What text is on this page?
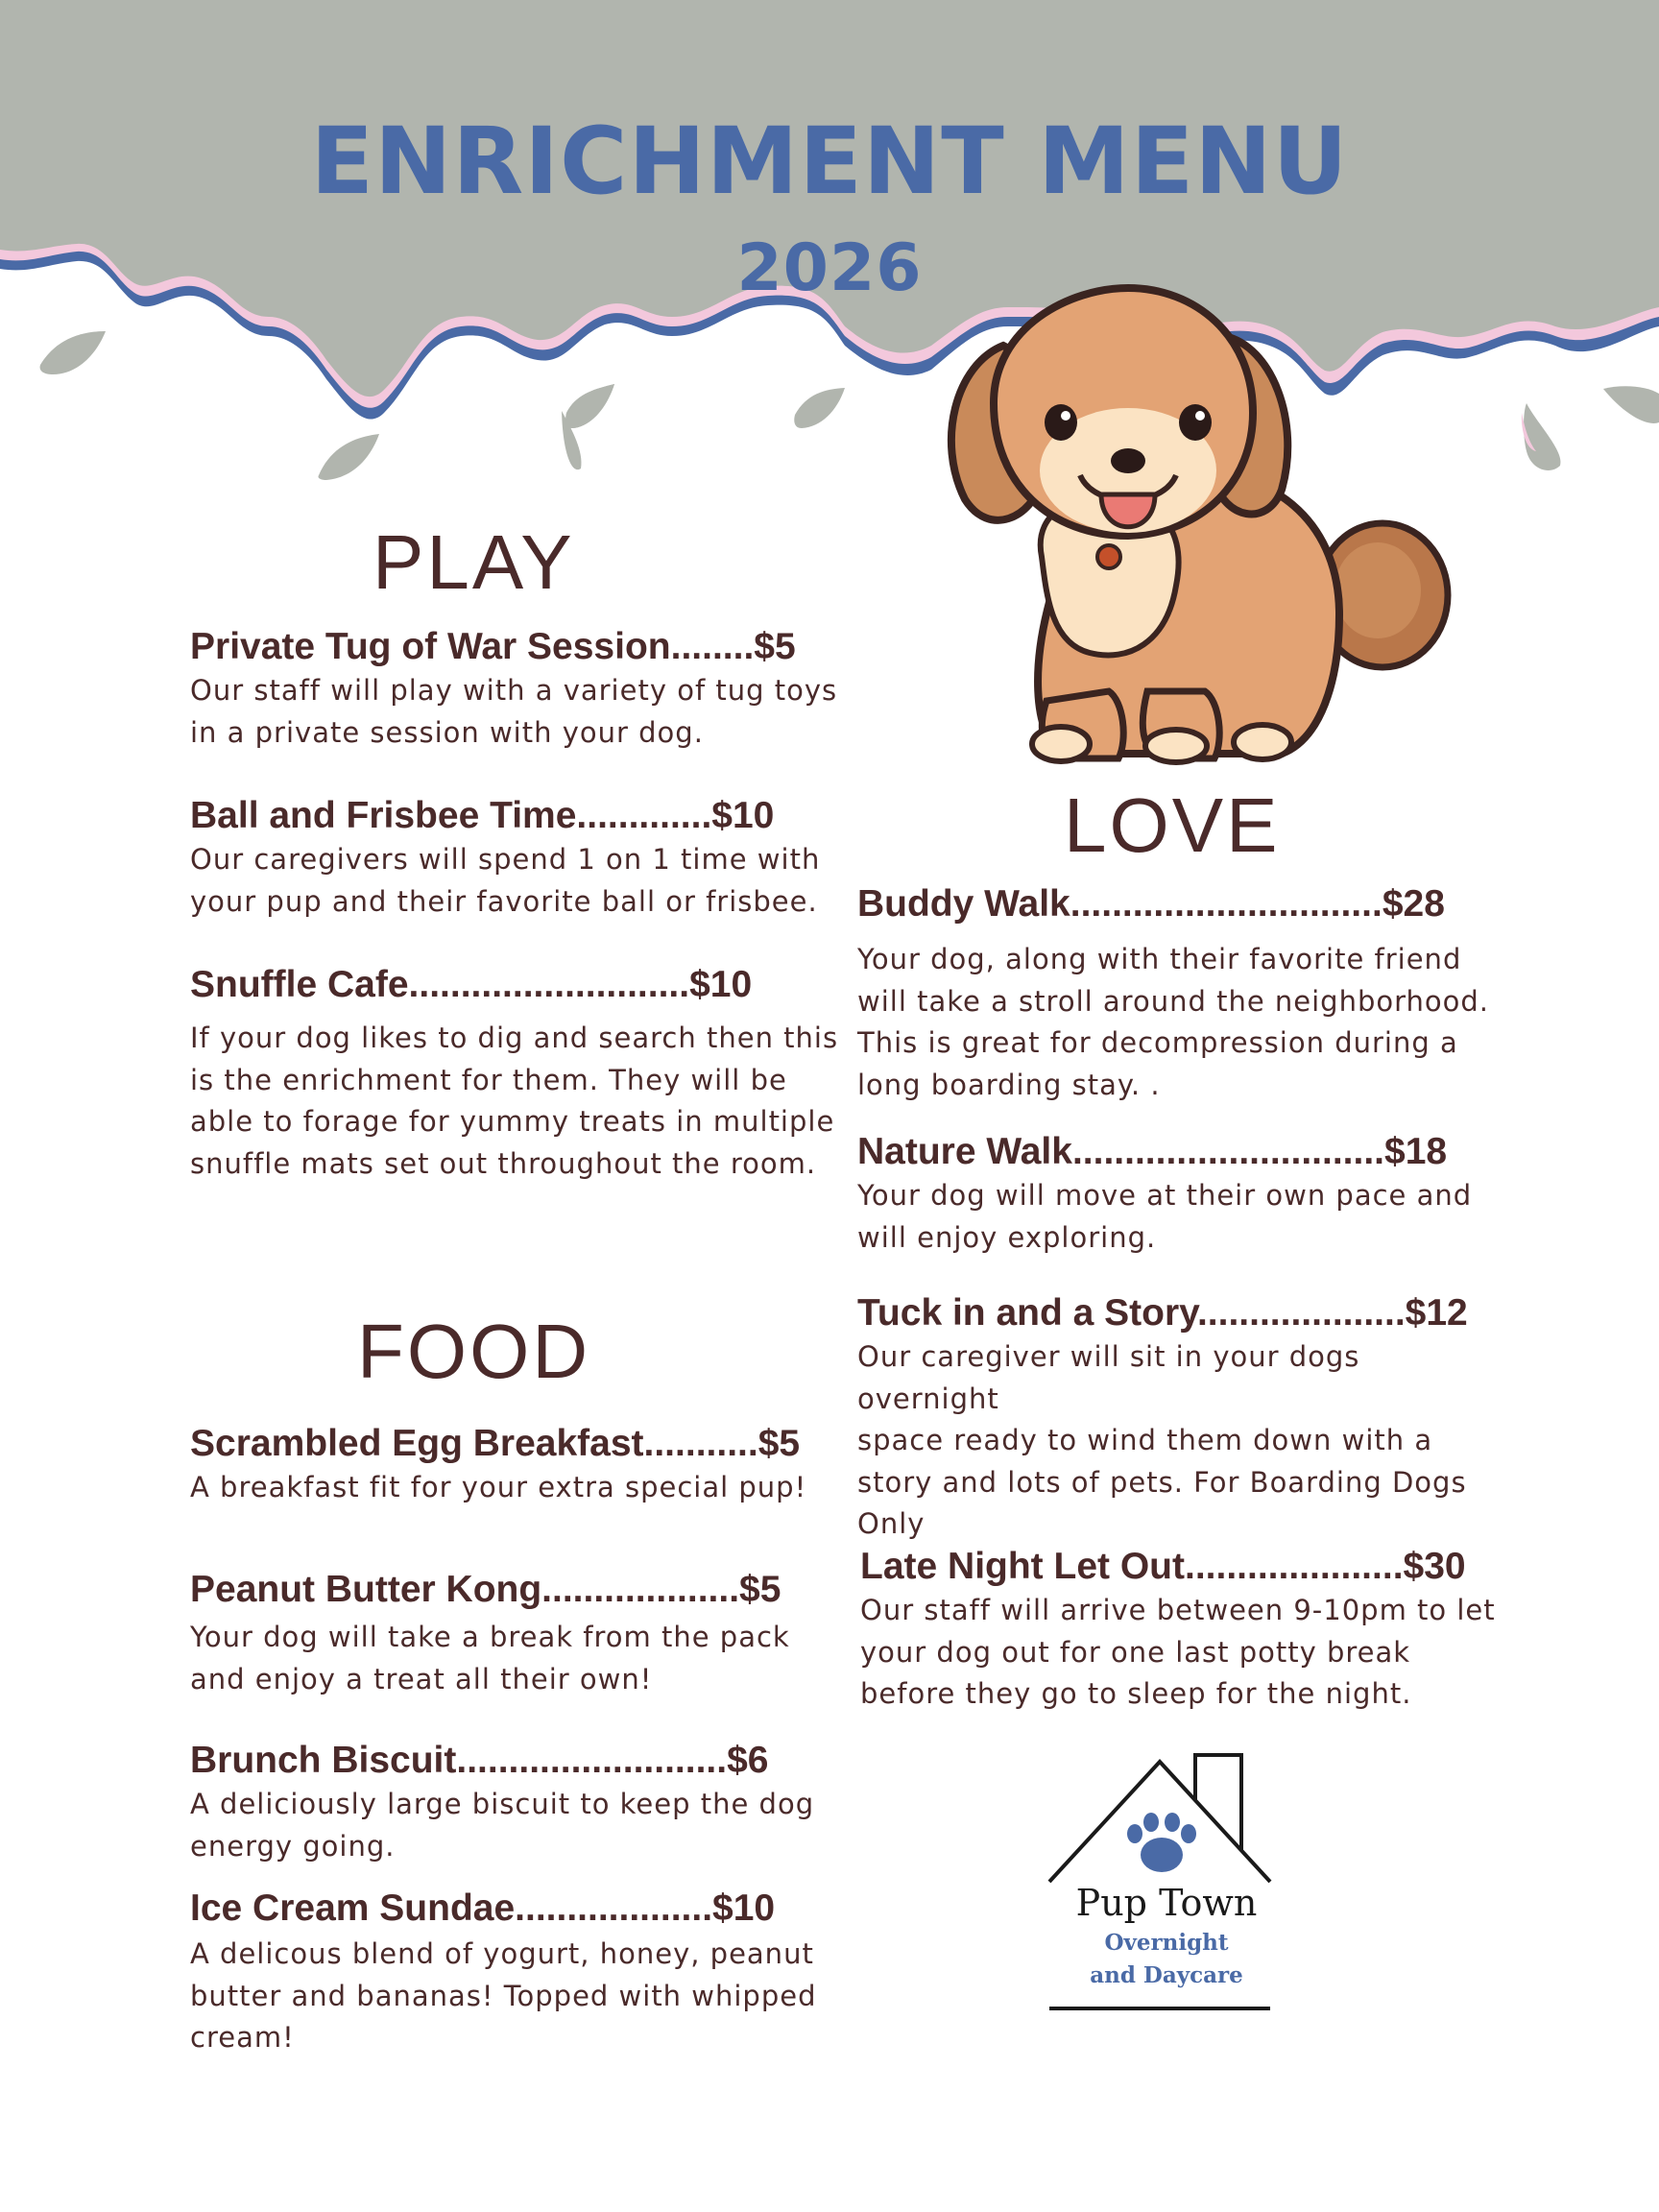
ENRICHMENT MENU
2026
PLAY
Private Tug of War Session........$5
Our staff will play with a variety of tug toys
in a private session with your dog.
Ball and Frisbee Time.............$10
Our caregivers will spend 1 on 1 time with
your pup and their favorite ball or frisbee.
Snuffle Cafe...........................$10
If your dog likes to dig and search then this
is the enrichment for them. They will be
able to forage for yummy treats in multiple
snuffle mats set out throughout the room.
FOOD
Scrambled Egg Breakfast...........$5
A breakfast fit for your extra special pup!
Peanut Butter Kong...................$5
Your dog will take a break from the pack
and enjoy a treat all their own!
Brunch Biscuit..........................$6
A deliciously large biscuit to keep the dog
energy going.
Ice Cream Sundae...................$10
A delicous blend of yogurt, honey, peanut
butter and bananas! Topped with whipped
cream!
LOVE
Buddy Walk..............................$28
Your dog, along with their favorite friend
will take a stroll around the neighborhood.
This is great for decompression during a
long boarding stay. .
Nature Walk..............................$18
Your dog will move at their own pace and
will enjoy exploring.
Tuck in and a Story....................$12
Our caregiver will sit in your dogs overnight
space ready to wind them down with a
story and lots of pets. For Boarding Dogs
Only
Late Night Let Out.....................$30
Our staff will arrive between 9-10pm to let
your dog out for one last potty break
before they go to sleep for the night.
Pup Town
Overnight
and Daycare
